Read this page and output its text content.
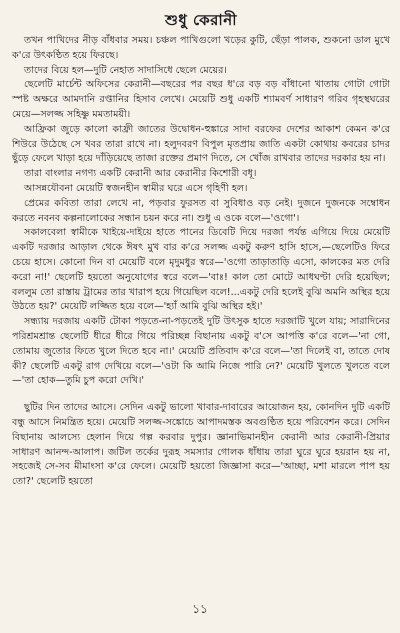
শুধু কেরানী

তখন পাখিদের নীড় বাঁধবার সময়। চঞ্চল পাখিগুলো খড়ের কুটি, ছেঁড়া পালক, শুকনো ডাল মুখে ক'রে উৎকণ্ঠিত হয়ে ফিরছে।

তাদের বিয়ে হল—দুটি নেহাত সাদাসিধে ছেলে মেয়ের।

ছেলেটি মার্চেন্ট অফিসের কেরানী—বছরের পর বছর ধ'রে বড় বড় বাঁধানো খাতায় গোটা গোটা স্পষ্ট অক্ষরে আমদানি রপ্তানির হিসাব লেখে। মেয়েটি শুধু একটি শ্যামবর্ণ সাধারণ গরিব গৃহস্থঘরের মেয়ে—সলজ্জ সহিষ্ণু মমতাময়ী।

আফ্রিকা জুড়ে কালো কাফ্রী জাতের উদ্বোধন-হুঙ্কারে সাদা বরফের দেশের আকাশ কেমন ক'রে শিউরে উঠেছে সে খবর তারা রাখে না। হলুদবরণ বিপুল মৃতপ্রায় জাতি একটা কোথায় কবরের চাদর ছুঁড়ে ফেলে খাড়া হয়ে দাঁড়িয়েছে তাজা রক্তের প্রমাণ দিতে, সে খোঁজ রাখবার তাদের দরকার হয় না।

তারা বাংলার নগণ্য একটি কেরানী আর কেরানীর কিশোরী বধূ।

আসন্নযৌবনা মেয়েটি স্বজনহীন স্বামীর ঘরে এসে গৃহিণী হল।

প্রেমের কবিতা তারা লেখে না, পড়বার ফুরসত বা সুবিধাও বড় নেই। দুজনে দুজনকে সম্বোধন করতে নবনব কল্পনালোকের সন্ধান চয়ন করে না। শুধু এ ওকে বলে—'ওগো'।

সকালবেলা স্বামীকে খাইয়ে-দাইয়ে হাতে পানের ডিবেটি দিয়ে দরজা পর্যন্ত এগিয়ে দিয়ে মেয়েটি একটি দরজার আড়াল থেকে ঈষৎ মুখ বার ক'রে সলজ্জ একটু করুণ হাসি হাসে,—ছেলেটিও ফিরে চেয়ে হাসে। কোনো দিন বা মেয়েটি বলে মৃদুমধুর স্বরে—'ওগো তাড়াতাড়ি এসো, কালকের মত দেরি করো না!' ছেলেটি হয়তো অনুযোগের স্বরে বলে—'বাঃ! কাল তো মোটে আধঘণ্টা দেরি হয়েছিল; বললুম তো রাস্তায় ট্রামের তার খারাপ হয়ে গিয়েছিল বলে!...একটু দেরি হলেই বুঝি অমনি অস্থির হয়ে উঠতে হয়?' মেয়েটি লজ্জিত হয়ে বলে—'হ্যাঁ আমি বুঝি অস্থির হই।'

সন্ধ্যায় দরজায় একটি টোকা পড়তে-না-পড়তেই দুটি উৎসুক হাতে দরজাটি খুলে যায়; সারাদিনের পরিশ্রমশ্রান্ত ছেলেটি ধীরে ধীরে গিয়ে পরিচ্ছন্ন বিছানায় একটু ব'সে আপত্তি ক'রে বলে—'না গো, তোমায় জুতোর ফিতে খুলে দিতে হবে না।' মেয়েটি প্রতিবাদ ক'রে বলে—'তা দিলেই বা, তাতে দোষ কী? ছেলেটি একটু রাগ দেখিয়ে বলে—'ওটা কি আমি নিজে পারি নে?' মেয়েটি খুলতে খুলতে বলে—'তা হোক—তুমি চুপ করো দেখি।'

ছুটির দিন তাদের আসে। সেদিন একটু ভালো খাবার-দাবারের আয়োজন হয়, কোনদিন দুটি একটি বন্ধু আসে নিমন্ত্রিত হয়ে। মেয়েটি সলজ্জ-সঙ্কোচে আপাদমস্তক অবগুণ্ঠিত হয়ে পরিবেশন করে। সেদিন বিছানায় আলস্যে হেলান দিয়ে গল্প করবার দুপুর। জ্ঞানাভিমানহীন কেরানী আর কেরানী-প্রিয়ার সাধারণ আনন্দ-আলাপ। জটিল তর্কের দুরূহ সমস্যার গোলক ধাঁধায় তারা ঘুরে ঘুরে হয়রান হয় না, সহজেই সে-সব মীমাংসা ক'রে ফেলে। মেয়েটি হয়তো জিজ্ঞাসা করে—'আচ্ছা, মশা মারলে পাপ হয় তো?' ছেলেটি হয়তো

১১
